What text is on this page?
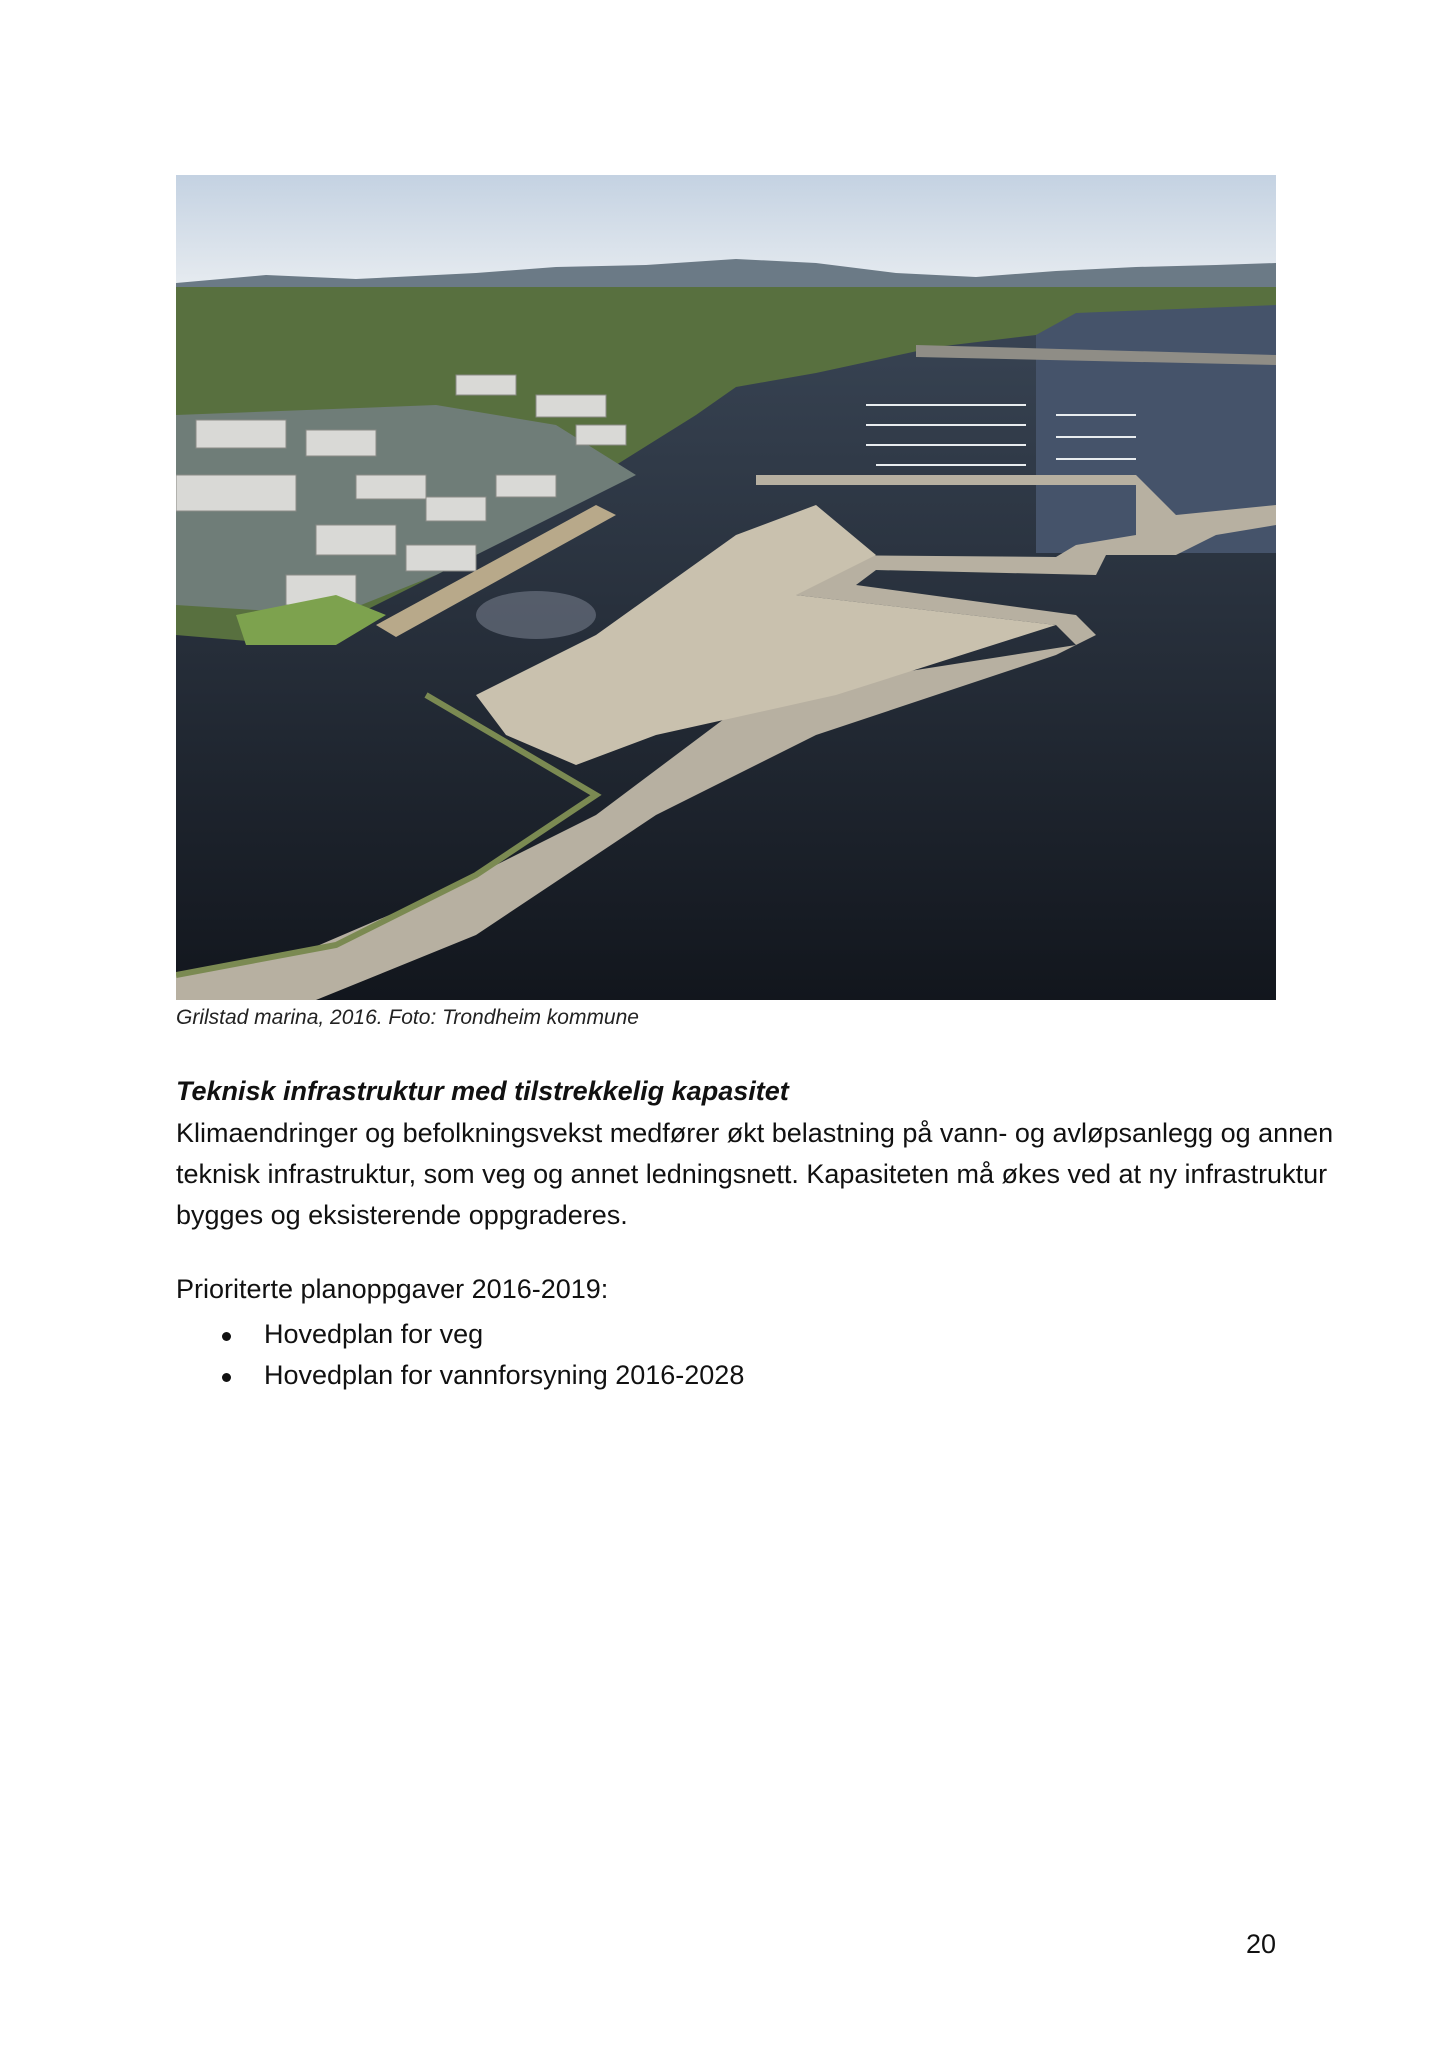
Grilstad marina, 2016. Foto: Trondheim kommune
Teknisk infrastruktur med tilstrekkelig kapasitet

Klimaendringer og befolkningsvekst medfører økt belastning på vann- og avløpsanlegg og annen teknisk infrastruktur, som veg og annet ledningsnett. Kapasiteten må økes ved at ny infrastruktur bygges og eksisterende oppgraderes.

Prioriterte planoppgaver 2016-2019:

Hovedplan for veg
Hovedplan for vannforsyning 2016-2028
20
